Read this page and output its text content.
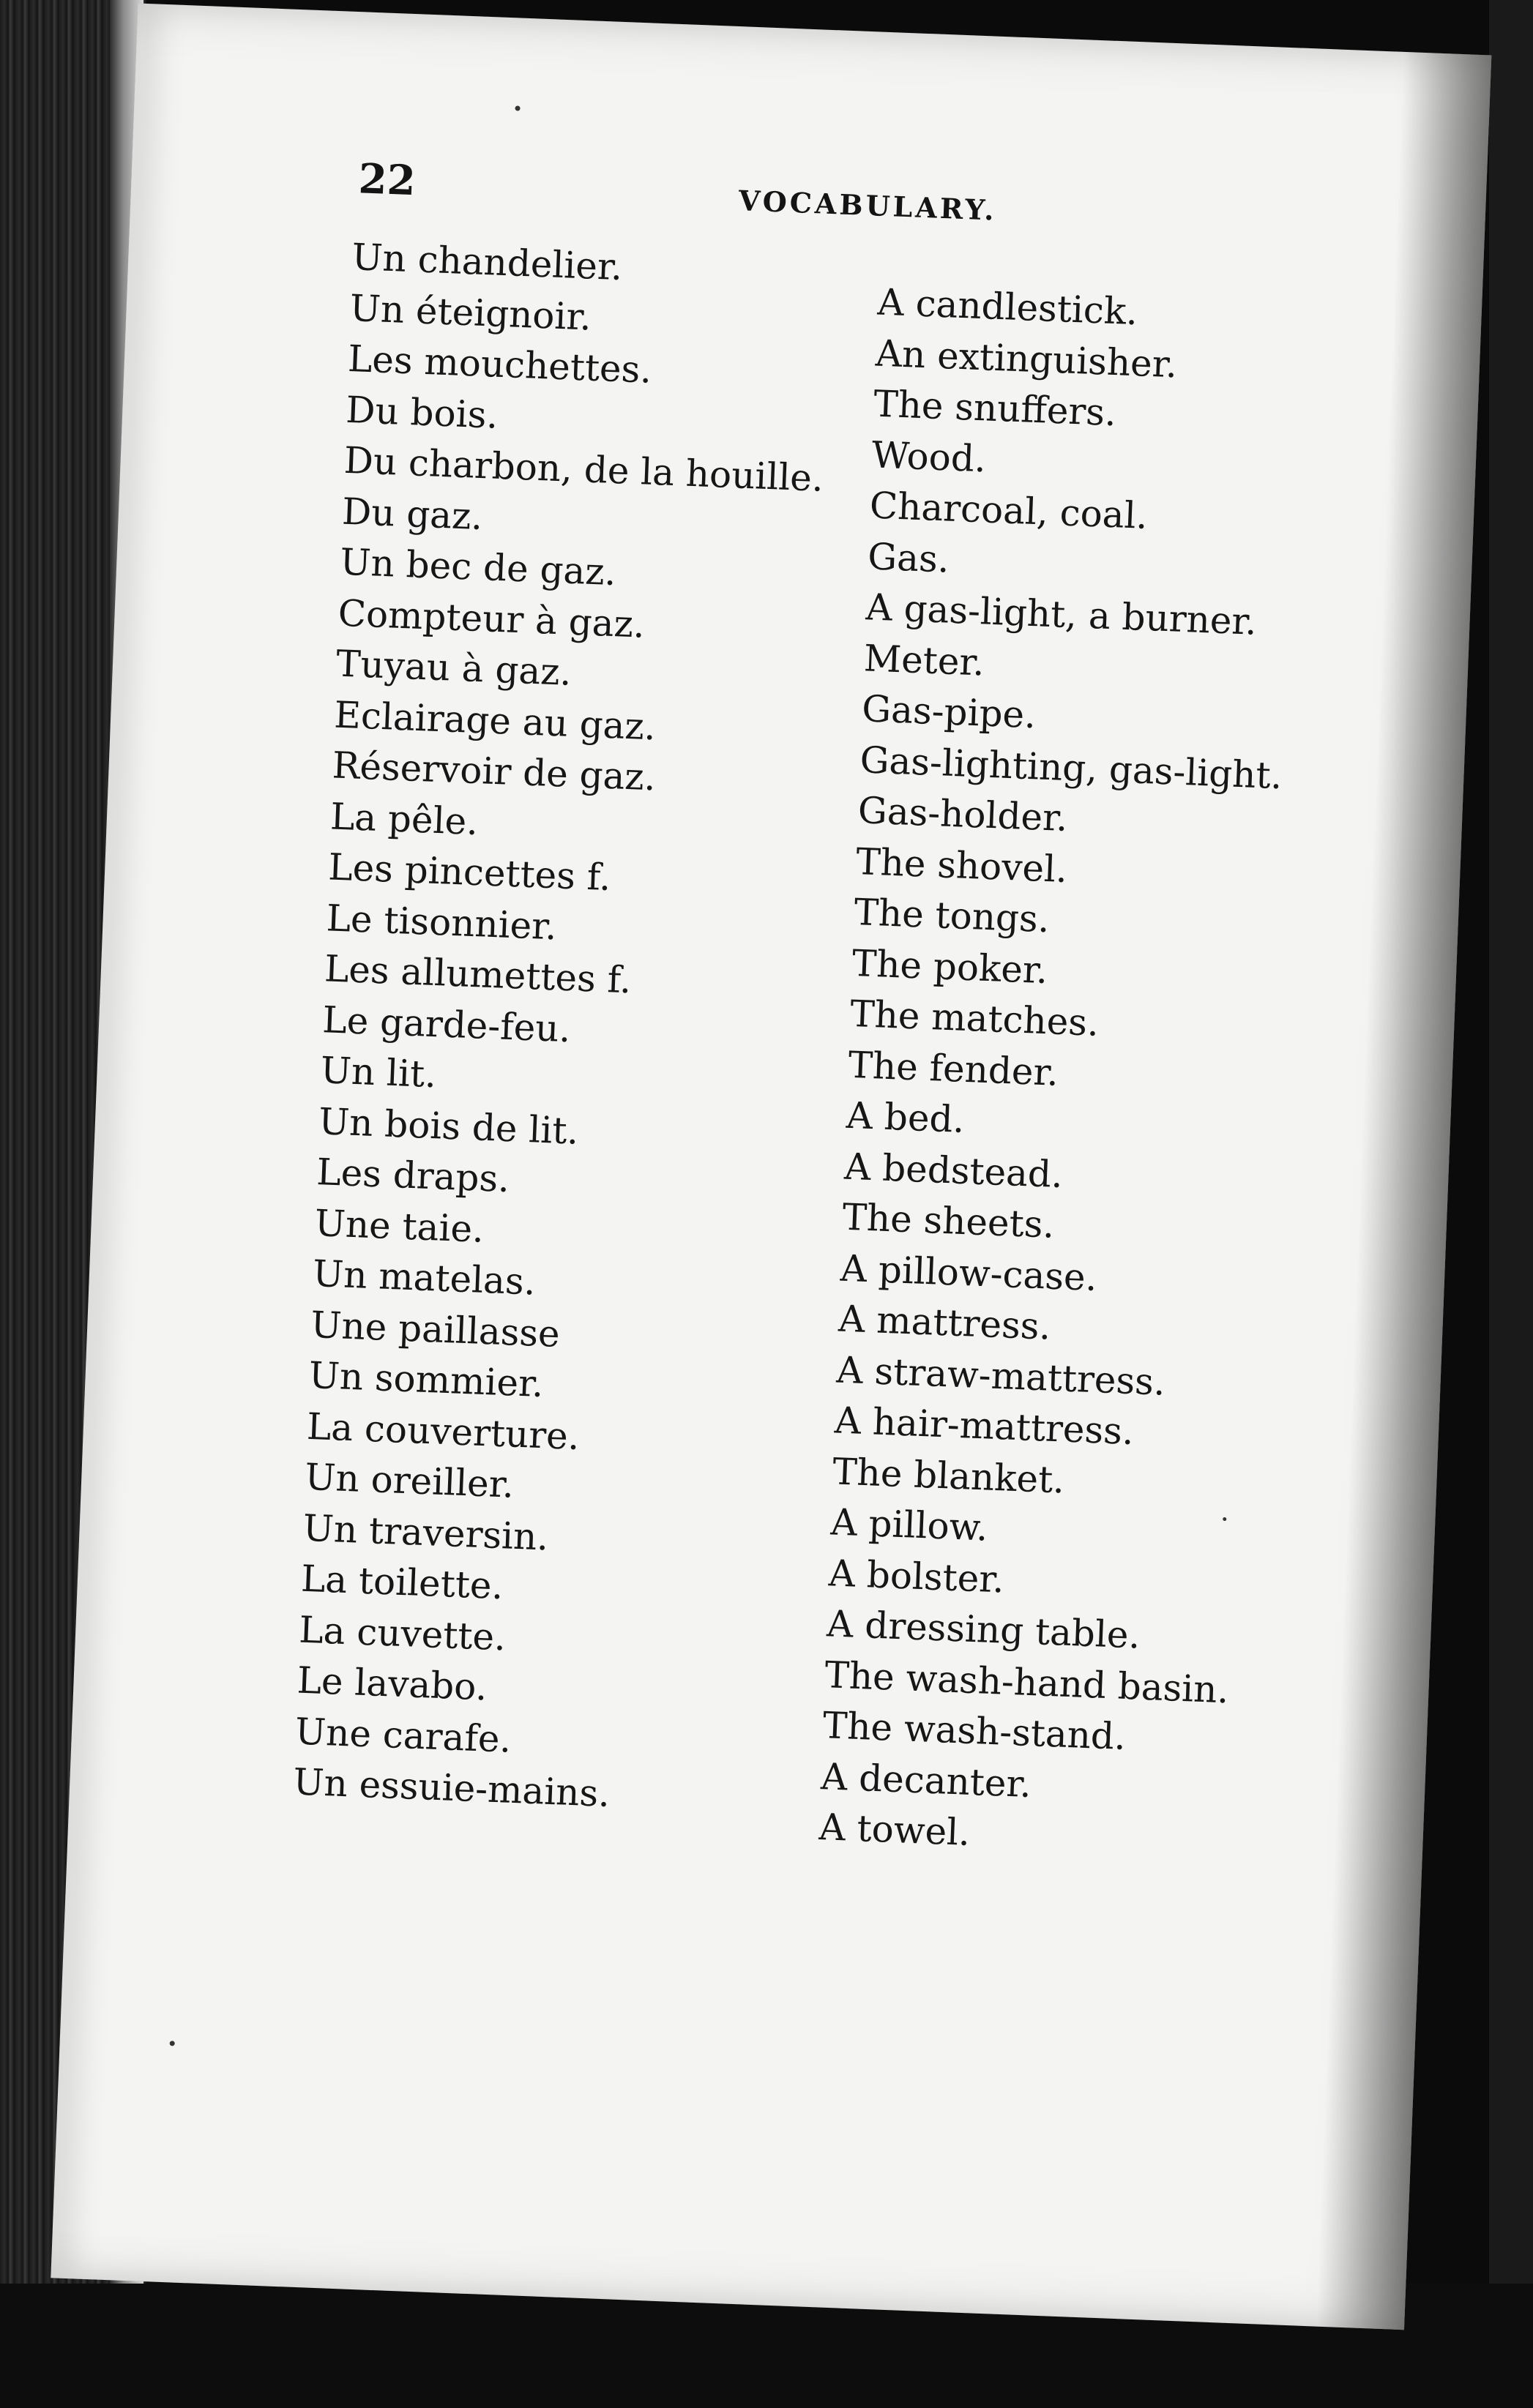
22
VOCABULARY.
Un chandelier.
A candlestick.
Un éteignoir.
An extinguisher.
Les mouchettes.
The snuffers.
Du bois.
Wood.
Du charbon, de la houille.
Charcoal, coal.
Du gaz.
Gas.
Un bec de gaz.
A gas-light, a burner.
Compteur à gaz.
Meter.
Tuyau à gaz.
Gas-pipe.
Eclairage au gaz.
Gas-lighting, gas-light.
Réservoir de gaz.
Gas-holder.
La pêle.
The shovel.
Les pincettes f.
The tongs.
Le tisonnier.
The poker.
Les allumettes f.
The matches.
Le garde-feu.
The fender.
Un lit.
A bed.
Un bois de lit.
A bedstead.
Les draps.
The sheets.
Une taie.
A pillow-case.
Un matelas.
A mattress.
Une paillasse
A straw-mattress.
Un sommier.
A hair-mattress.
La couverture.
The blanket.
Un oreiller.
A pillow.
Un traversin.
A bolster.
La toilette.
A dressing table.
La cuvette.
The wash-hand basin.
Le lavabo.
The wash-stand.
Une carafe.
A decanter.
Un essuie-mains.
A towel.
